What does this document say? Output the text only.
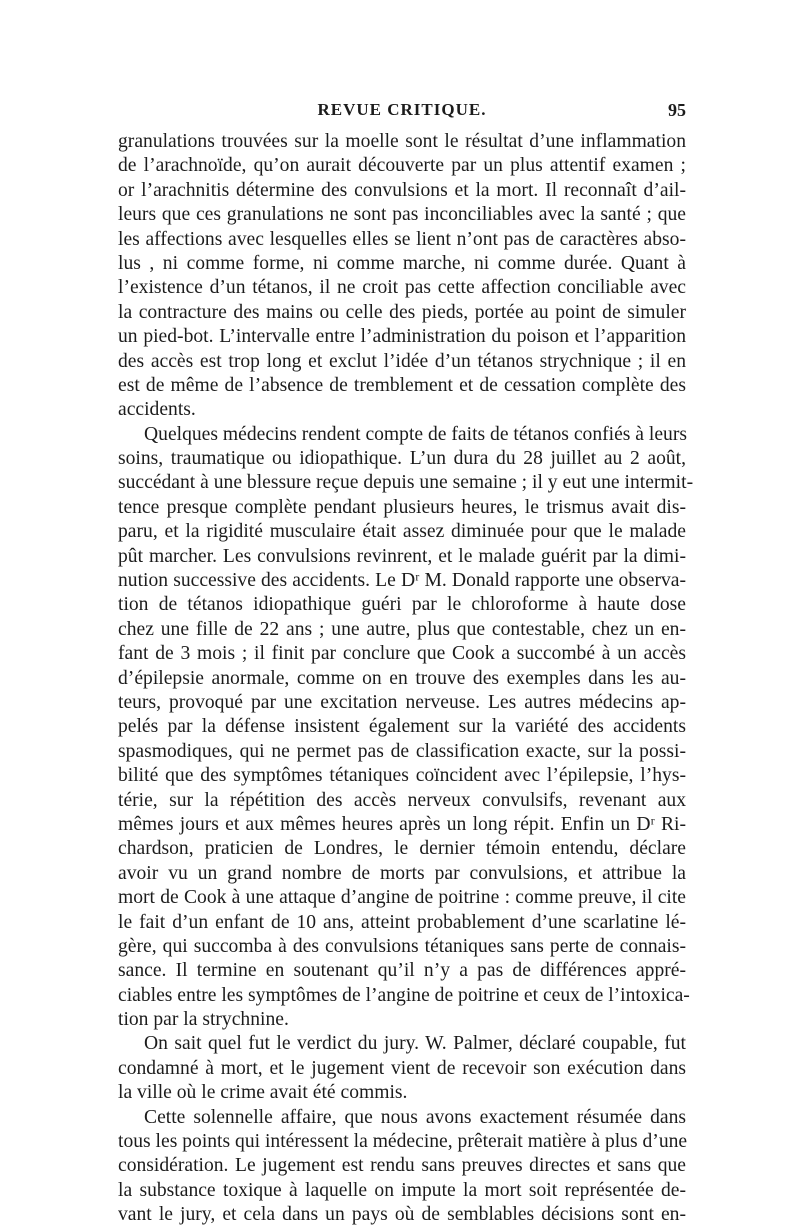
REVUE CRITIQUE.	95
granulations trouvées sur la moelle sont le résultat d’une inflammation
de l’arachnoïde, qu’on aurait découverte par un plus attentif examen ;
or l’arachnitis détermine des convulsions et la mort. Il reconnaît d’ail-
leurs que ces granulations ne sont pas inconciliables avec la santé ; que
les affections avec lesquelles elles se lient n’ont pas de caractères abso-
lus , ni comme forme, ni comme marche, ni comme durée. Quant à
l’existence d’un tétanos, il ne croit pas cette affection conciliable avec
la contracture des mains ou celle des pieds, portée au point de simuler
un pied-bot. L’intervalle entre l’administration du poison et l’apparition
des accès est trop long et exclut l’idée d’un tétanos strychnique ; il en
est de même de l’absence de tremblement et de cessation complète des
accidents.
Quelques médecins rendent compte de faits de tétanos confiés à leurs
soins, traumatique ou idiopathique. L’un dura du 28 juillet au 2 août,
succédant à une blessure reçue depuis une semaine ; il y eut une intermit-
tence presque complète pendant plusieurs heures, le trismus avait dis-
paru, et la rigidité musculaire était assez diminuée pour que le malade
pût marcher. Les convulsions revinrent, et le malade guérit par la dimi-
nution successive des accidents. Le Dʳ M. Donald rapporte une observa-
tion de tétanos idiopathique guéri par le chloroforme à haute dose
chez une fille de 22 ans ; une autre, plus que contestable, chez un en-
fant de 3 mois ; il finit par conclure que Cook a succombé à un accès
d’épilepsie anormale, comme on en trouve des exemples dans les au-
teurs, provoqué par une excitation nerveuse. Les autres médecins ap-
pelés par la défense insistent également sur la variété des accidents
spasmodiques, qui ne permet pas de classification exacte, sur la possi-
bilité que des symptômes tétaniques coïncident avec l’épilepsie, l’hys-
térie, sur la répétition des accès nerveux convulsifs, revenant aux
mêmes jours et aux mêmes heures après un long répit. Enfin un Dʳ Ri-
chardson, praticien de Londres, le dernier témoin entendu, déclare
avoir vu un grand nombre de morts par convulsions, et attribue la
mort de Cook à une attaque d’angine de poitrine : comme preuve, il cite
le fait d’un enfant de 10 ans, atteint probablement d’une scarlatine lé-
gère, qui succomba à des convulsions tétaniques sans perte de connais-
sance. Il termine en soutenant qu’il n’y a pas de différences appré-
ciables entre les symptômes de l’angine de poitrine et ceux de l’intoxica-
tion par la strychnine.
On sait quel fut le verdict du jury. W. Palmer, déclaré coupable, fut
condamné à mort, et le jugement vient de recevoir son exécution dans
la ville où le crime avait été commis.
Cette solennelle affaire, que nous avons exactement résumée dans
tous les points qui intéressent la médecine, prêterait matière à plus d’une
considération. Le jugement est rendu sans preuves directes et sans que
la substance toxique à laquelle on impute la mort soit représentée de-
vant le jury, et cela dans un pays où de semblables décisions sont en-
